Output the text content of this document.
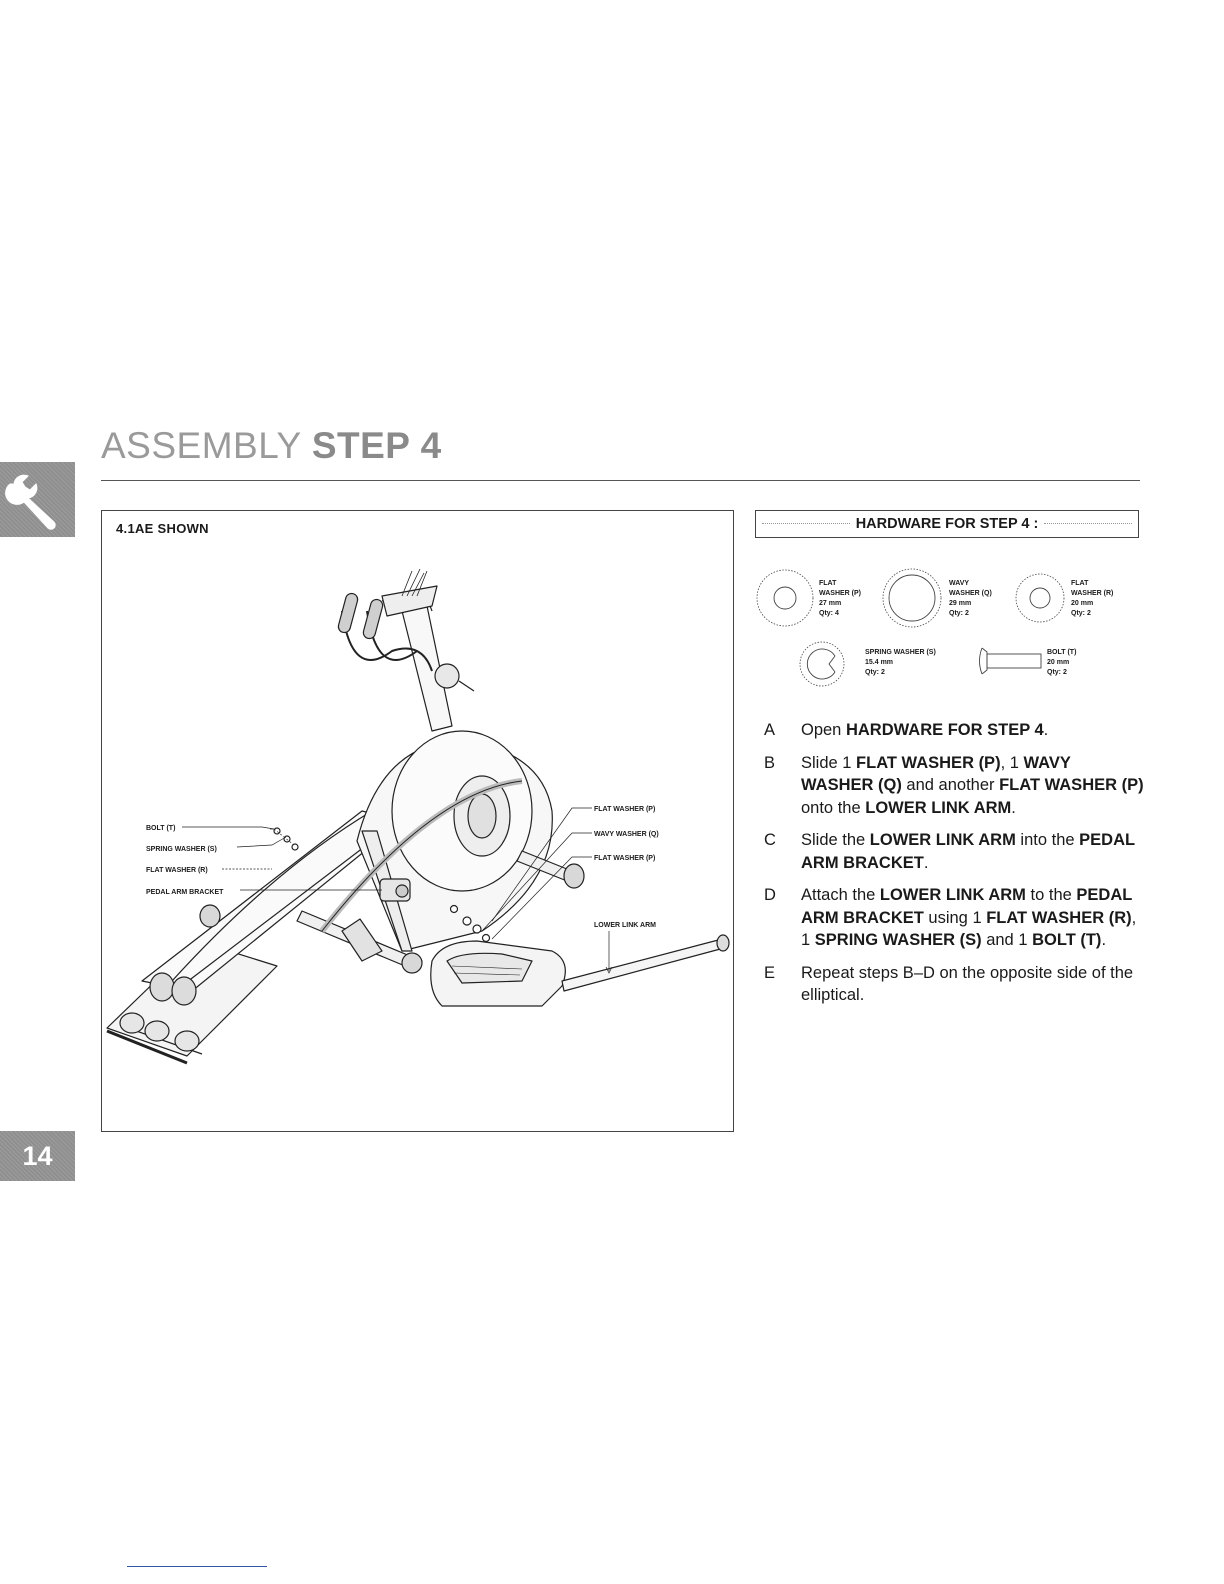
ASSEMBLY STEP 4
14
4.1AE SHOWN
BOLT (T)
SPRING WASHER (S)
FLAT WASHER (R)
PEDAL ARM BRACKET
FLAT WASHER (P)
WAVY WASHER (Q)
FLAT WASHER (P)
LOWER LINK ARM
HARDWARE FOR STEP 4
:
FLAT
WASHER (P)
27 mm
Qty: 4
WAVY
WASHER (Q)
29 mm
Qty: 2
FLAT
WASHER (R)
20 mm
Qty: 2
SPRING WASHER (S)
15.4 mm
Qty: 2
BOLT (T)
20 mm
Qty: 2
A	Open HARDWARE FOR STEP 4.
B	Slide 1 FLAT WASHER (P), 1 WAVY WASHER (Q) and another FLAT WASHER (P) onto the LOWER LINK ARM.
C	Slide the LOWER LINK ARM into the PEDAL ARM BRACKET.
D	Attach the LOWER LINK ARM to the PEDAL ARM BRACKET using 1 FLAT WASHER (R), 1 SPRING WASHER (S) and 1 BOLT (T).
E	Repeat steps B–D on the opposite side of the elliptical.
